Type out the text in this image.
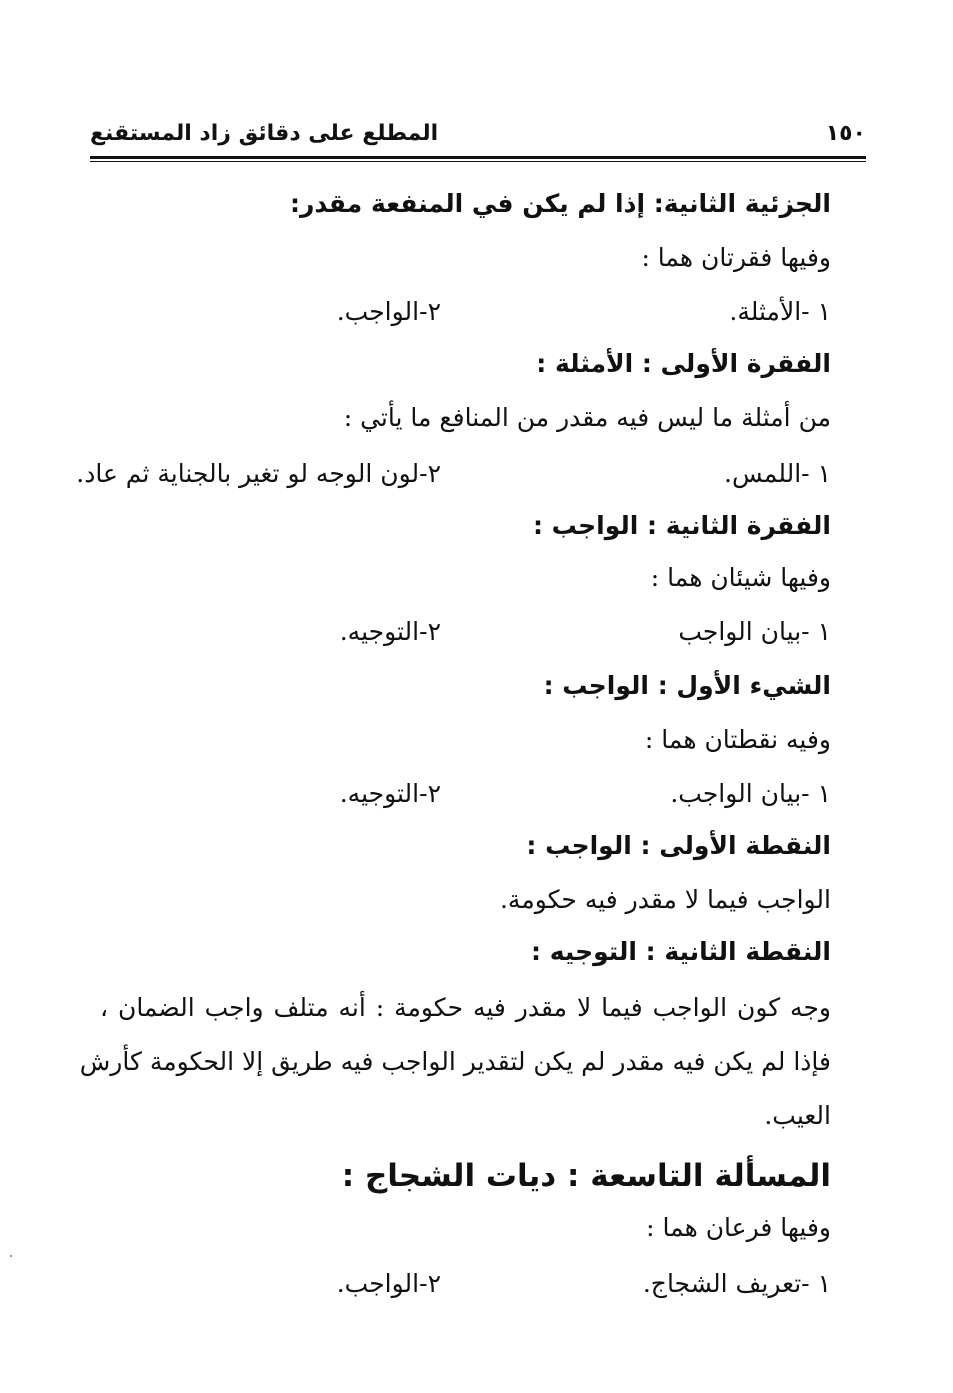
١٥٠
المطلع على دقائق زاد المستقنع
الجزئية الثانية: إذا لم يكن في المنفعة مقدر:
وفيها فقرتان هما :
١ -الأمثلة.
٢-الواجب.
الفقرة الأولى : الأمثلة :
من أمثلة ما ليس فيه مقدر من المنافع ما يأتي :
١ -اللمس.
٢-لون الوجه لو تغير بالجناية ثم عاد.
الفقرة الثانية : الواجب :
وفيها شيئان هما :
١ -بيان الواجب
٢-التوجيه.
الشيء الأول : الواجب :
وفيه نقطتان هما :
١ -بيان الواجب.
٢-التوجيه.
النقطة الأولى : الواجب :
الواجب فيما لا مقدر فيه حكومة.
النقطة الثانية : التوجيه :
وجه كون الواجب فيما لا مقدر فيه حكومة : أنه متلف واجب الضمان ،
فإذا لم يكن فيه مقدر لم يكن لتقدير الواجب فيه طريق إلا الحكومة كأرش
العيب.
المسألة التاسعة : ديات الشجاج :
وفيها فرعان هما :
١ -تعريف الشجاج.
٢-الواجب.
